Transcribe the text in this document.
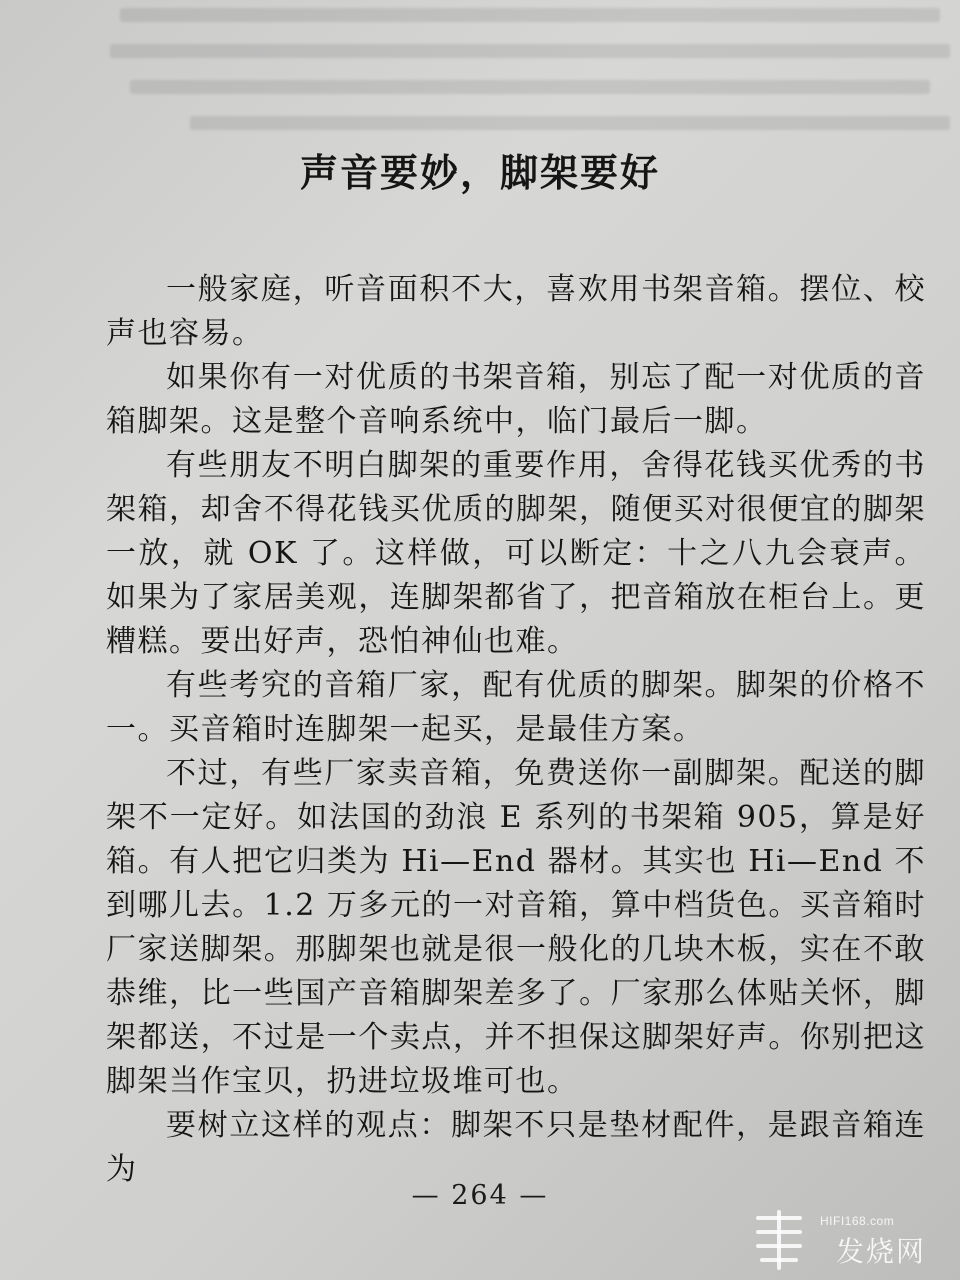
声音要妙，脚架要好

一般家庭，听音面积不大，喜欢用书架音箱。摆位、校声也容易。

如果你有一对优质的书架音箱，别忘了配一对优质的音箱脚架。这是整个音响系统中，临门最后一脚。

有些朋友不明白脚架的重要作用，舍得花钱买优秀的书架箱，却舍不得花钱买优质的脚架，随便买对很便宜的脚架一放，就 OK 了。这样做，可以断定：十之八九会衰声。如果为了家居美观，连脚架都省了，把音箱放在柜台上。更糟糕。要出好声，恐怕神仙也难。

有些考究的音箱厂家，配有优质的脚架。脚架的价格不一。买音箱时连脚架一起买，是最佳方案。

不过，有些厂家卖音箱，免费送你一副脚架。配送的脚架不一定好。如法国的劲浪 E 系列的书架箱 905，算是好箱。有人把它归类为 Hi—End 器材。其实也 Hi—End 不到哪儿去。1.2 万多元的一对音箱，算中档货色。买音箱时厂家送脚架。那脚架也就是很一般化的几块木板，实在不敢恭维，比一些国产音箱脚架差多了。厂家那么体贴关怀，脚架都送，不过是一个卖点，并不担保这脚架好声。你别把这脚架当作宝贝，扔进垃圾堆可也。

要树立这样的观点：脚架不只是垫材配件，是跟音箱连为

— 264 —
HIFI168.com
发烧网
